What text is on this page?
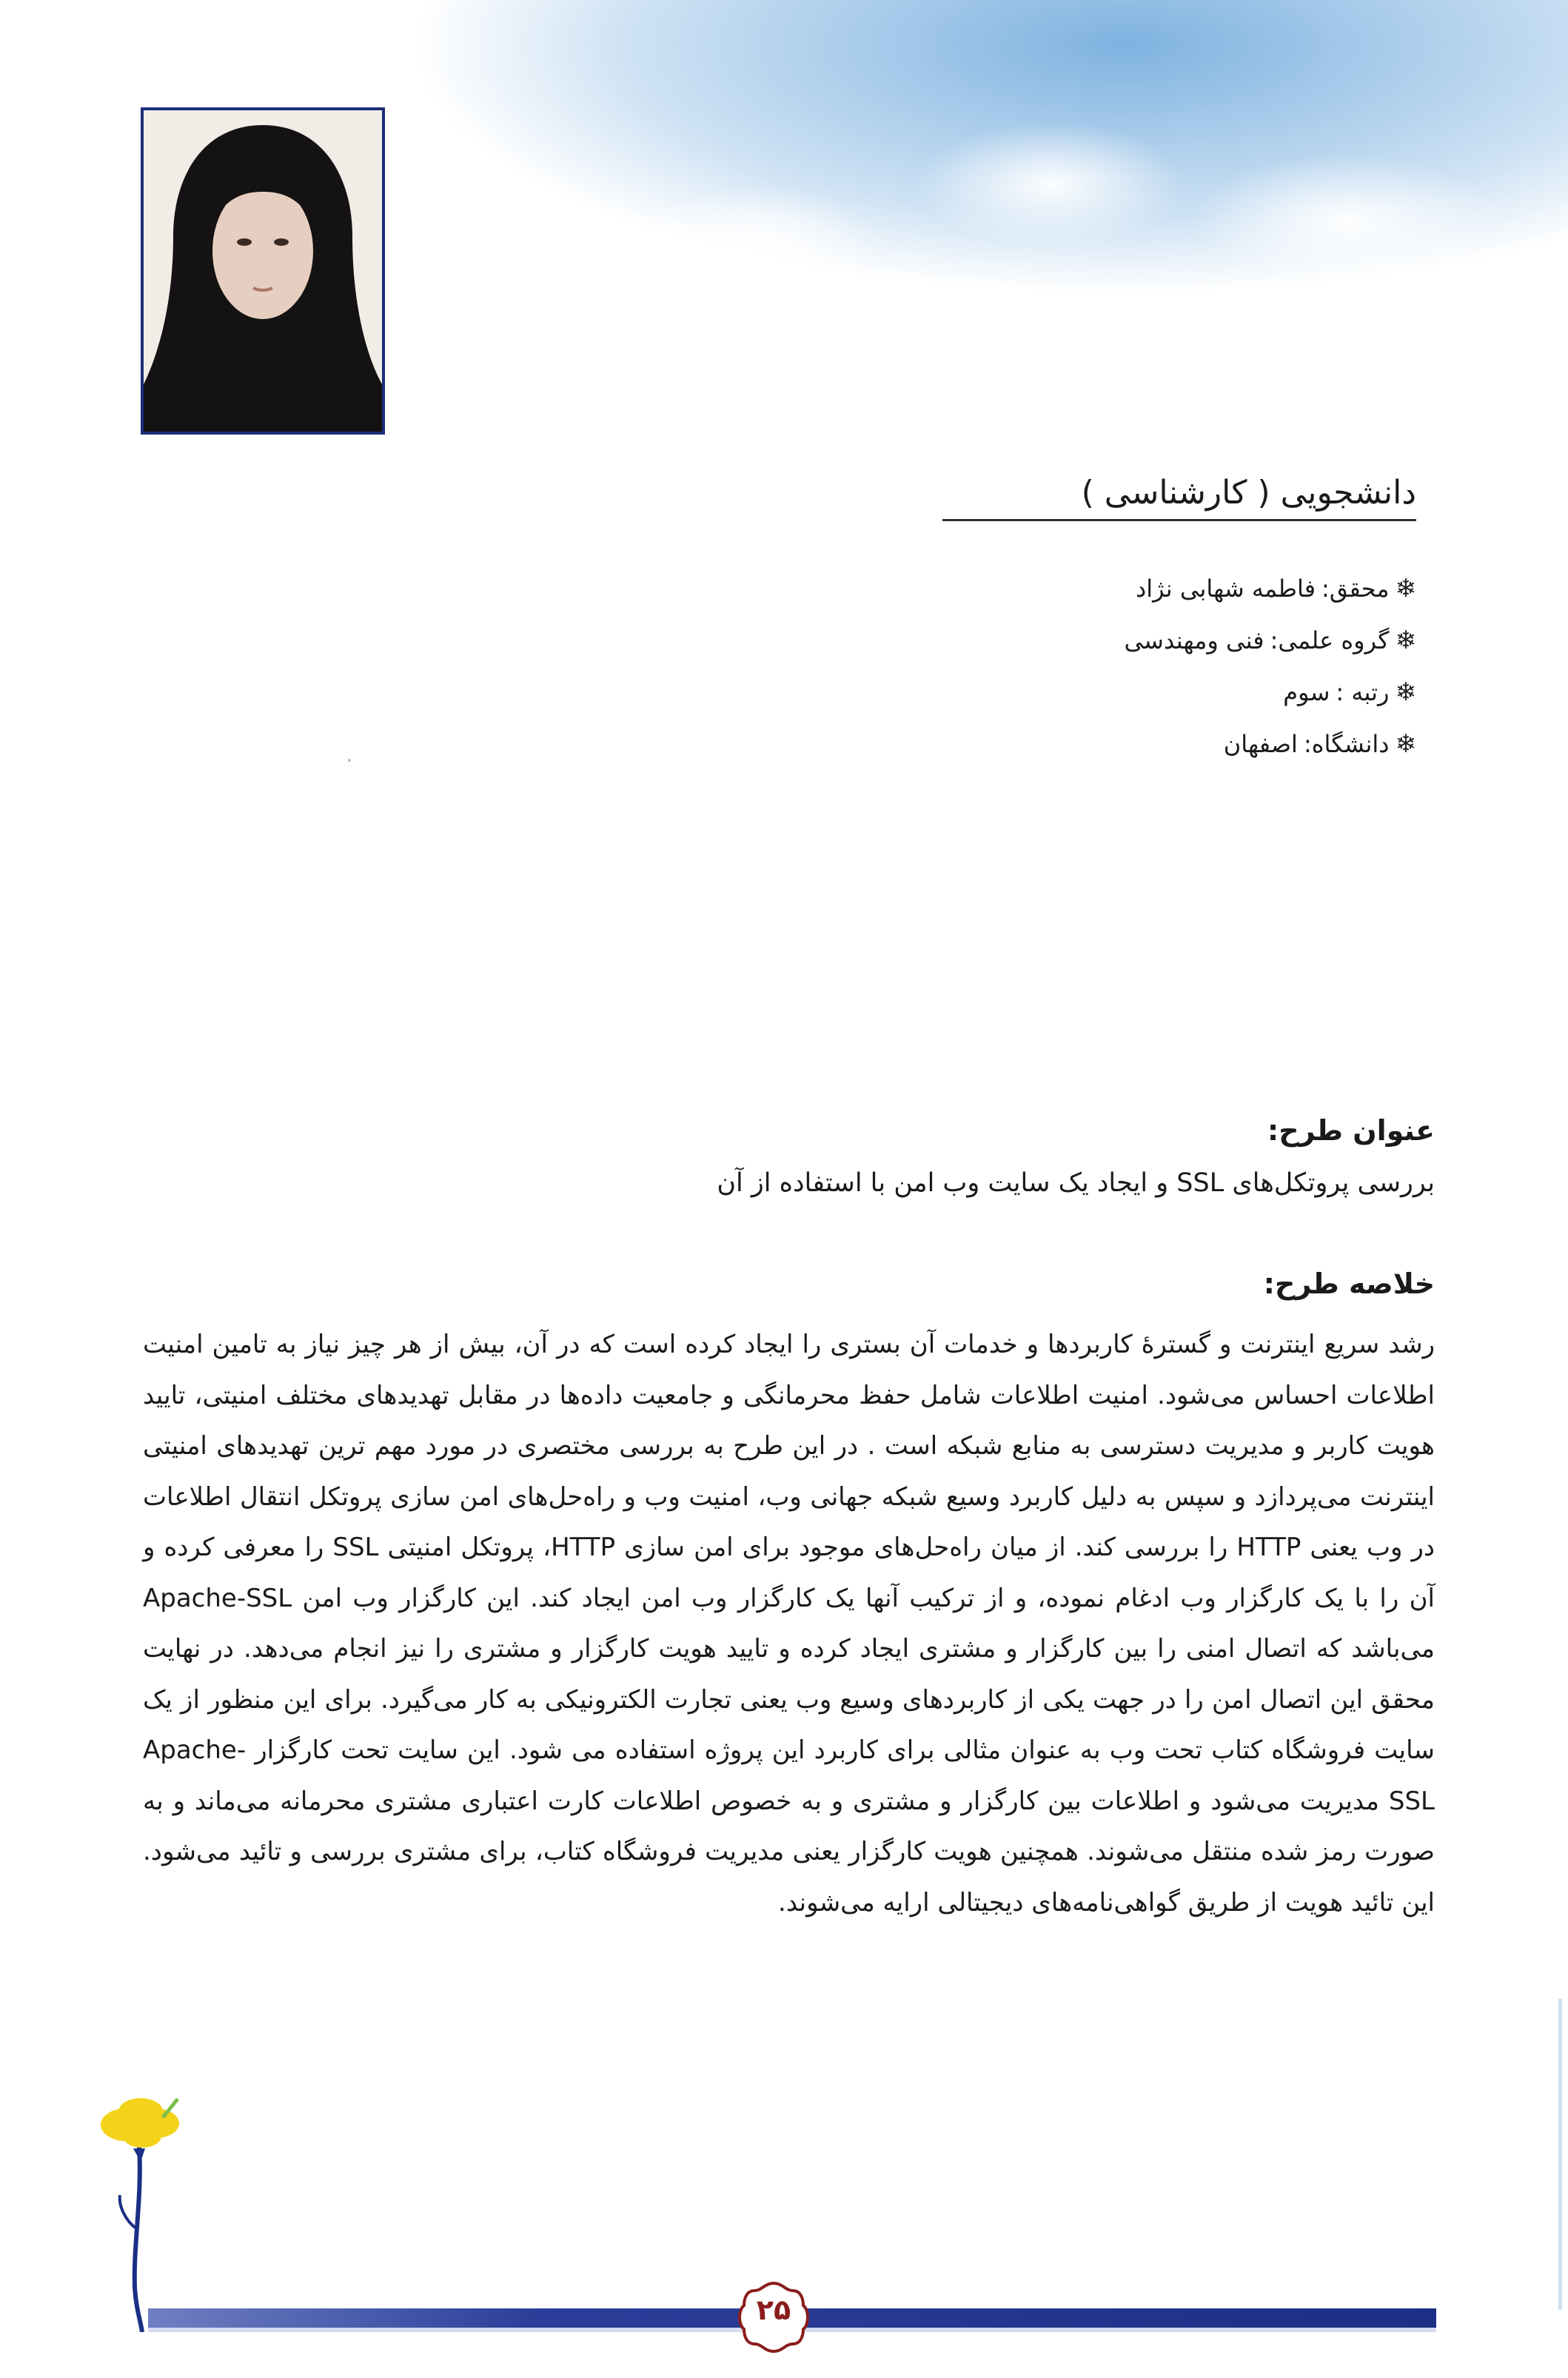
دانشجویی ( کارشناسی )
❄
محقق:
فاطمه شهابی نژاد
❄
گروه علمی:
فنی ومهندسی
❄
رتبه :
سوم
❄
دانشگاه:
اصفهان
عنوان طرح:
بررسی پروتکل‌های SSL و ایجاد یک سایت وب امن با استفاده از آن
خلاصه طرح:
رشد سریع اینترنت و گسترهٔ کاربردها و خدمات آن بستری را ایجاد کرده است که در آن، بیش از هر چیز نیاز به تامین امنیت اطلاعات احساس می‌شود. امنیت اطلاعات شامل حفظ محرمانگی و جامعیت داده‌ها در مقابل تهدیدهای مختلف امنیتی، تایید هویت کاربر و مدیریت دسترسی به منابع شبکه است . در این طرح به بررسی مختصری در مورد مهم ترین تهدیدهای امنیتی اینترنت می‌پردازد و سپس به دلیل کاربرد وسیع شبکه جهانی وب، امنیت وب و راه‌حل‌های امن سازی پروتکل انتقال اطلاعات در وب یعنی HTTP را بررسی کند. از میان راه‌حل‌های موجود برای امن سازی HTTP، پروتکل امنیتی SSL را معرفی کرده و آن را با یک کارگزار وب ادغام نموده، و از ترکیب آنها یک کارگزار وب امن ایجاد کند. این کارگزار وب امن Apache-SSL می‌باشد که اتصال امنی را بین کارگزار و مشتری ایجاد کرده و تایید هویت کارگزار و مشتری را نیز انجام می‌دهد. در نهایت محقق این اتصال امن را در جهت یکی از کاربردهای وسیع وب یعنی تجارت الکترونیکی به کار می‌گیرد. برای این منظور از یک سایت فروشگاه کتاب تحت وب به عنوان مثالی برای کاربرد این پروژه استفاده می شود. این سایت تحت کارگزار Apache-SSL مدیریت می‌شود و اطلاعات بین کارگزار و مشتری و به خصوص اطلاعات کارت اعتباری مشتری محرمانه می‌ماند و به صورت رمز شده منتقل می‌شوند. همچنین هویت کارگزار یعنی مدیریت فروشگاه کتاب، برای مشتری بررسی و تائید می‌شود. این تائید هویت از طریق گواهی‌نامه‌های دیجیتالی ارایه می‌شوند.
۲۵
